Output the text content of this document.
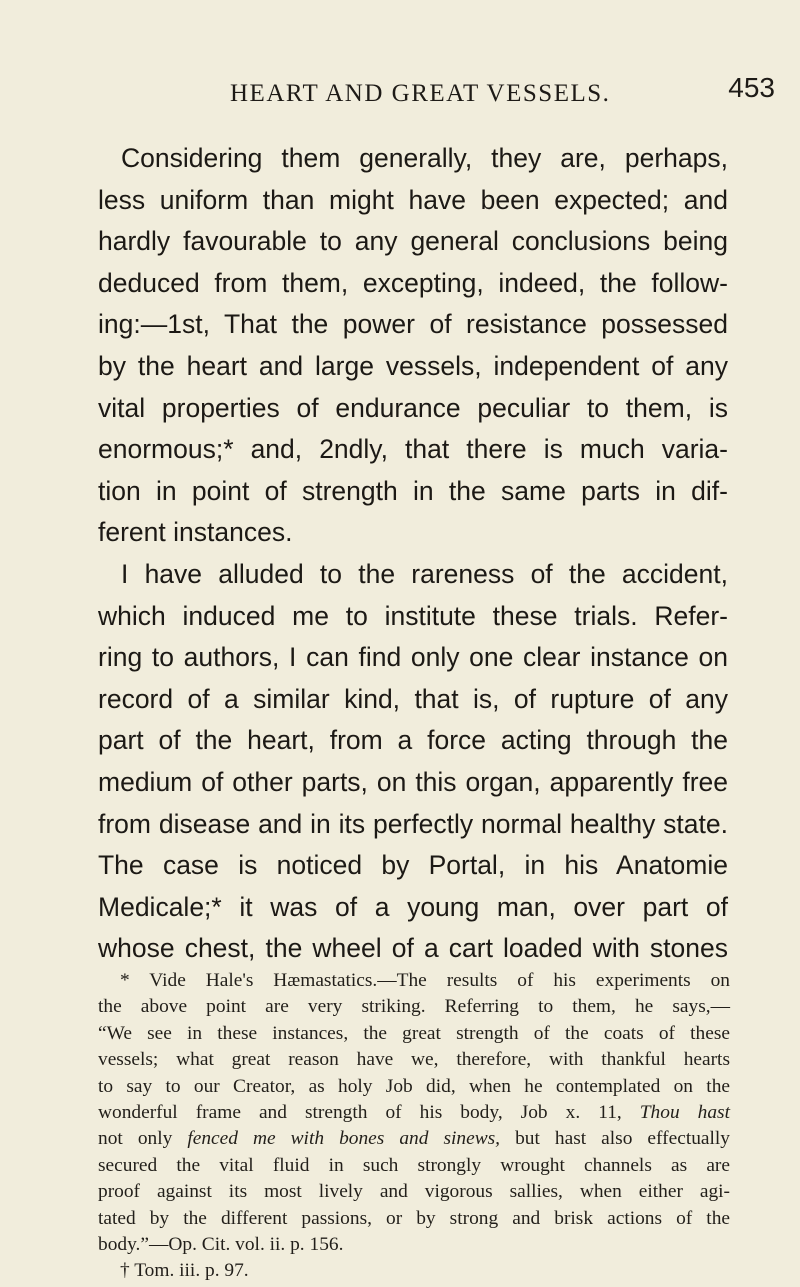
HEART AND GREAT VESSELS.	453
Considering them generally, they are, perhaps,
less uniform than might have been expected; and
hardly favourable to any general conclusions being
deduced from them, excepting, indeed, the follow-
ing:—1st, That the power of resistance possessed
by the heart and large vessels, independent of any
vital properties of endurance peculiar to them, is
enormous;* and, 2ndly, that there is much varia-
tion in point of strength in the same parts in dif-
ferent instances.
I have alluded to the rareness of the accident,
which induced me to institute these trials. Refer-
ring to authors, I can find only one clear instance on
record of a similar kind, that is, of rupture of any
part of the heart, from a force acting through the
medium of other parts, on this organ, apparently free
from disease and in its perfectly normal healthy state.
The case is noticed by Portal, in his Anatomie
Medicale;* it was of a young man, over part of
whose chest, the wheel of a cart loaded with stones
* Vide Hale's Hæmastatics.—The results of his experiments on
the above point are very striking. Referring to them, he says,—
“We see in these instances, the great strength of the coats of these
vessels; what great reason have we, therefore, with thankful hearts
to say to our Creator, as holy Job did, when he contemplated on the
wonderful frame and strength of his body, Job x. 11, Thou hast
not only fenced me with bones and sinews, but hast also effectually
secured the vital fluid in such strongly wrought channels as are
proof against its most lively and vigorous sallies, when either agi-
tated by the different passions, or by strong and brisk actions of the
body.”—Op. Cit. vol. ii. p. 156.
† Tom. iii. p. 97.
